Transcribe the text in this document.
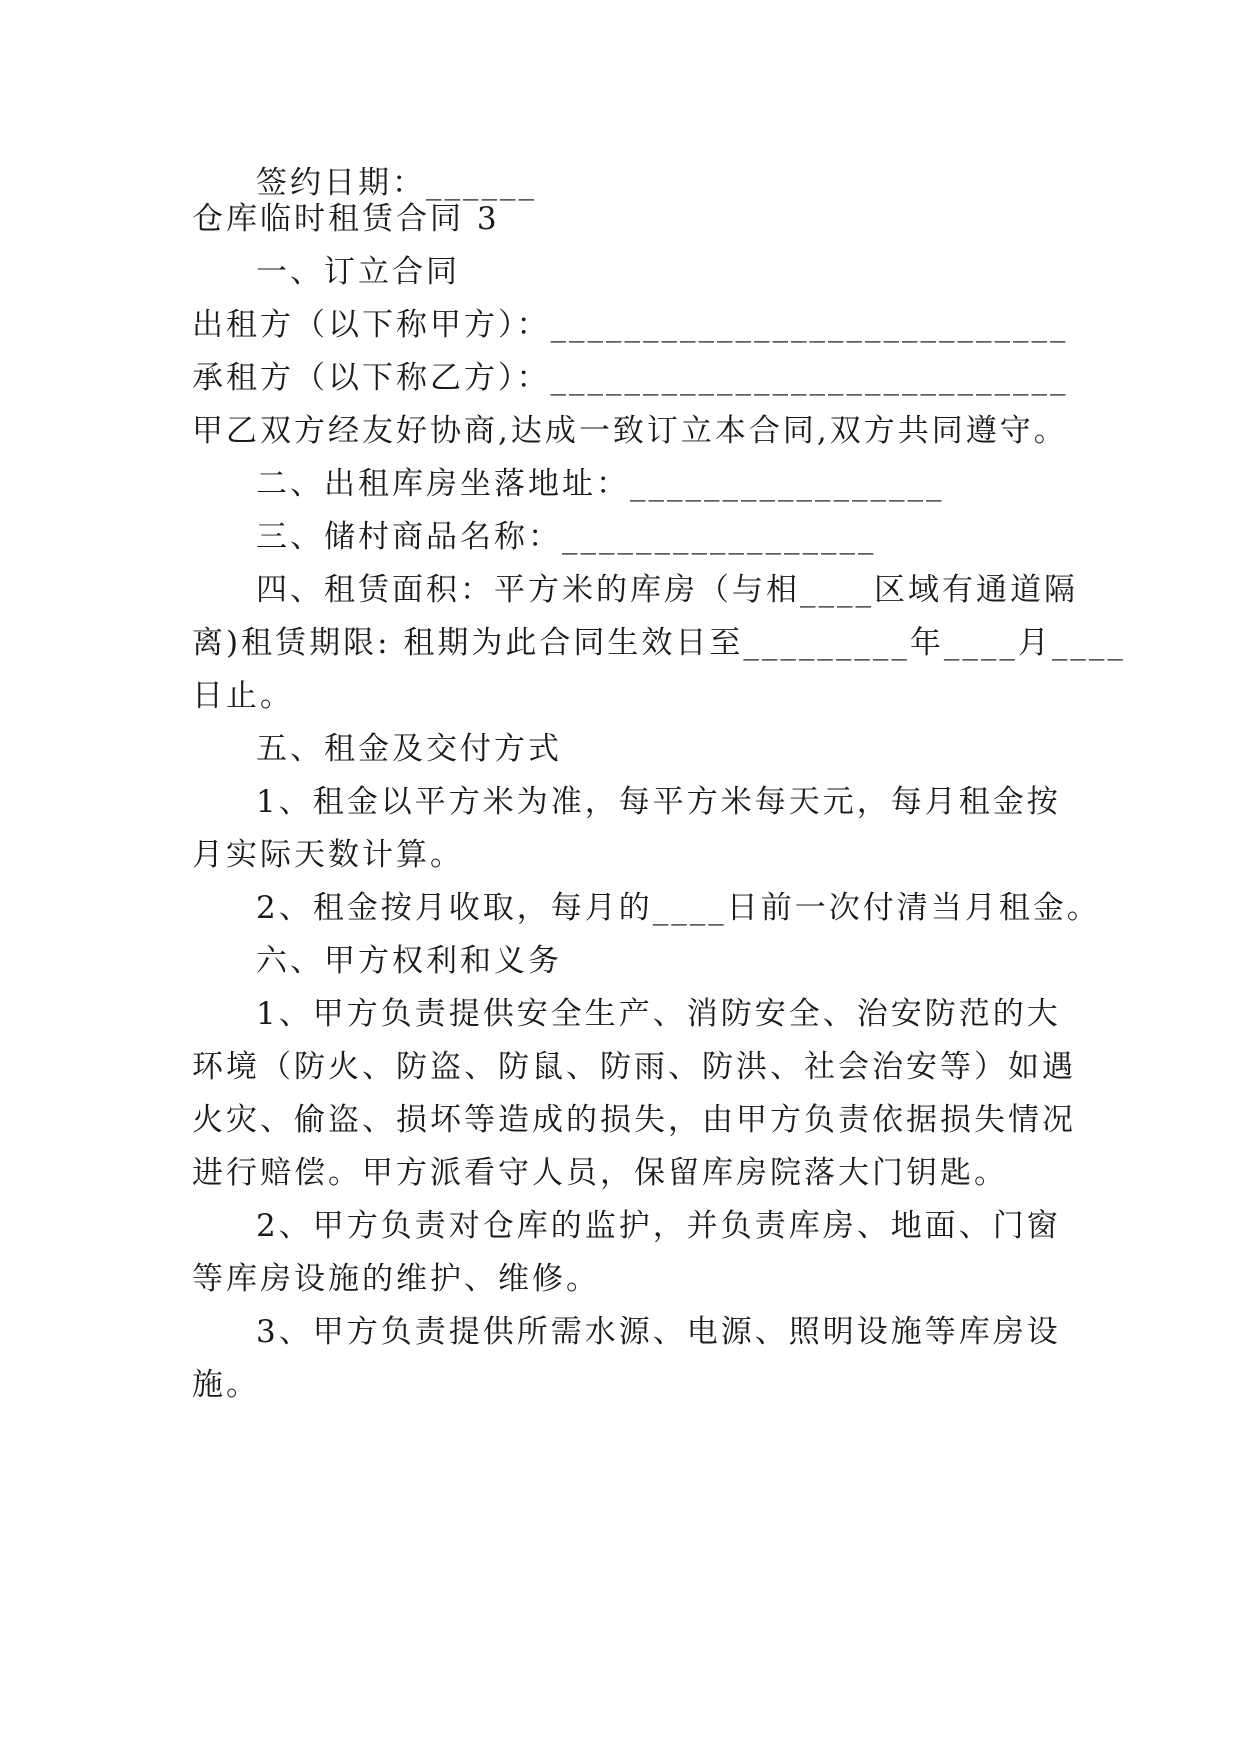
签约日期：______

仓库临时租赁合同 3

一、订立合同

出租方（以下称甲方）：____________________________

承租方（以下称乙方）：____________________________

甲乙双方经友好协商,达成一致订立本合同,双方共同遵守。

二、出租库房坐落地址：_________________

三、储村商品名称：_________________

四、租赁面积：平方米的库房（与相____区域有通道隔

离)租赁期限: 租期为此合同生效日至_________年____月____

日止。

五、租金及交付方式

1、租金以平方米为准，每平方米每天元，每月租金按

月实际天数计算。

2、租金按月收取，每月的____日前一次付清当月租金。

六、甲方权利和义务

1、甲方负责提供安全生产、消防安全、治安防范的大

环境（防火、防盗、防鼠、防雨、防洪、社会治安等）如遇

火灾、偷盗、损坏等造成的损失，由甲方负责依据损失情况

进行赔偿。甲方派看守人员，保留库房院落大门钥匙。

2、甲方负责对仓库的监护，并负责库房、地面、门窗

等库房设施的维护、维修。

3、甲方负责提供所需水源、电源、照明设施等库房设

施。
